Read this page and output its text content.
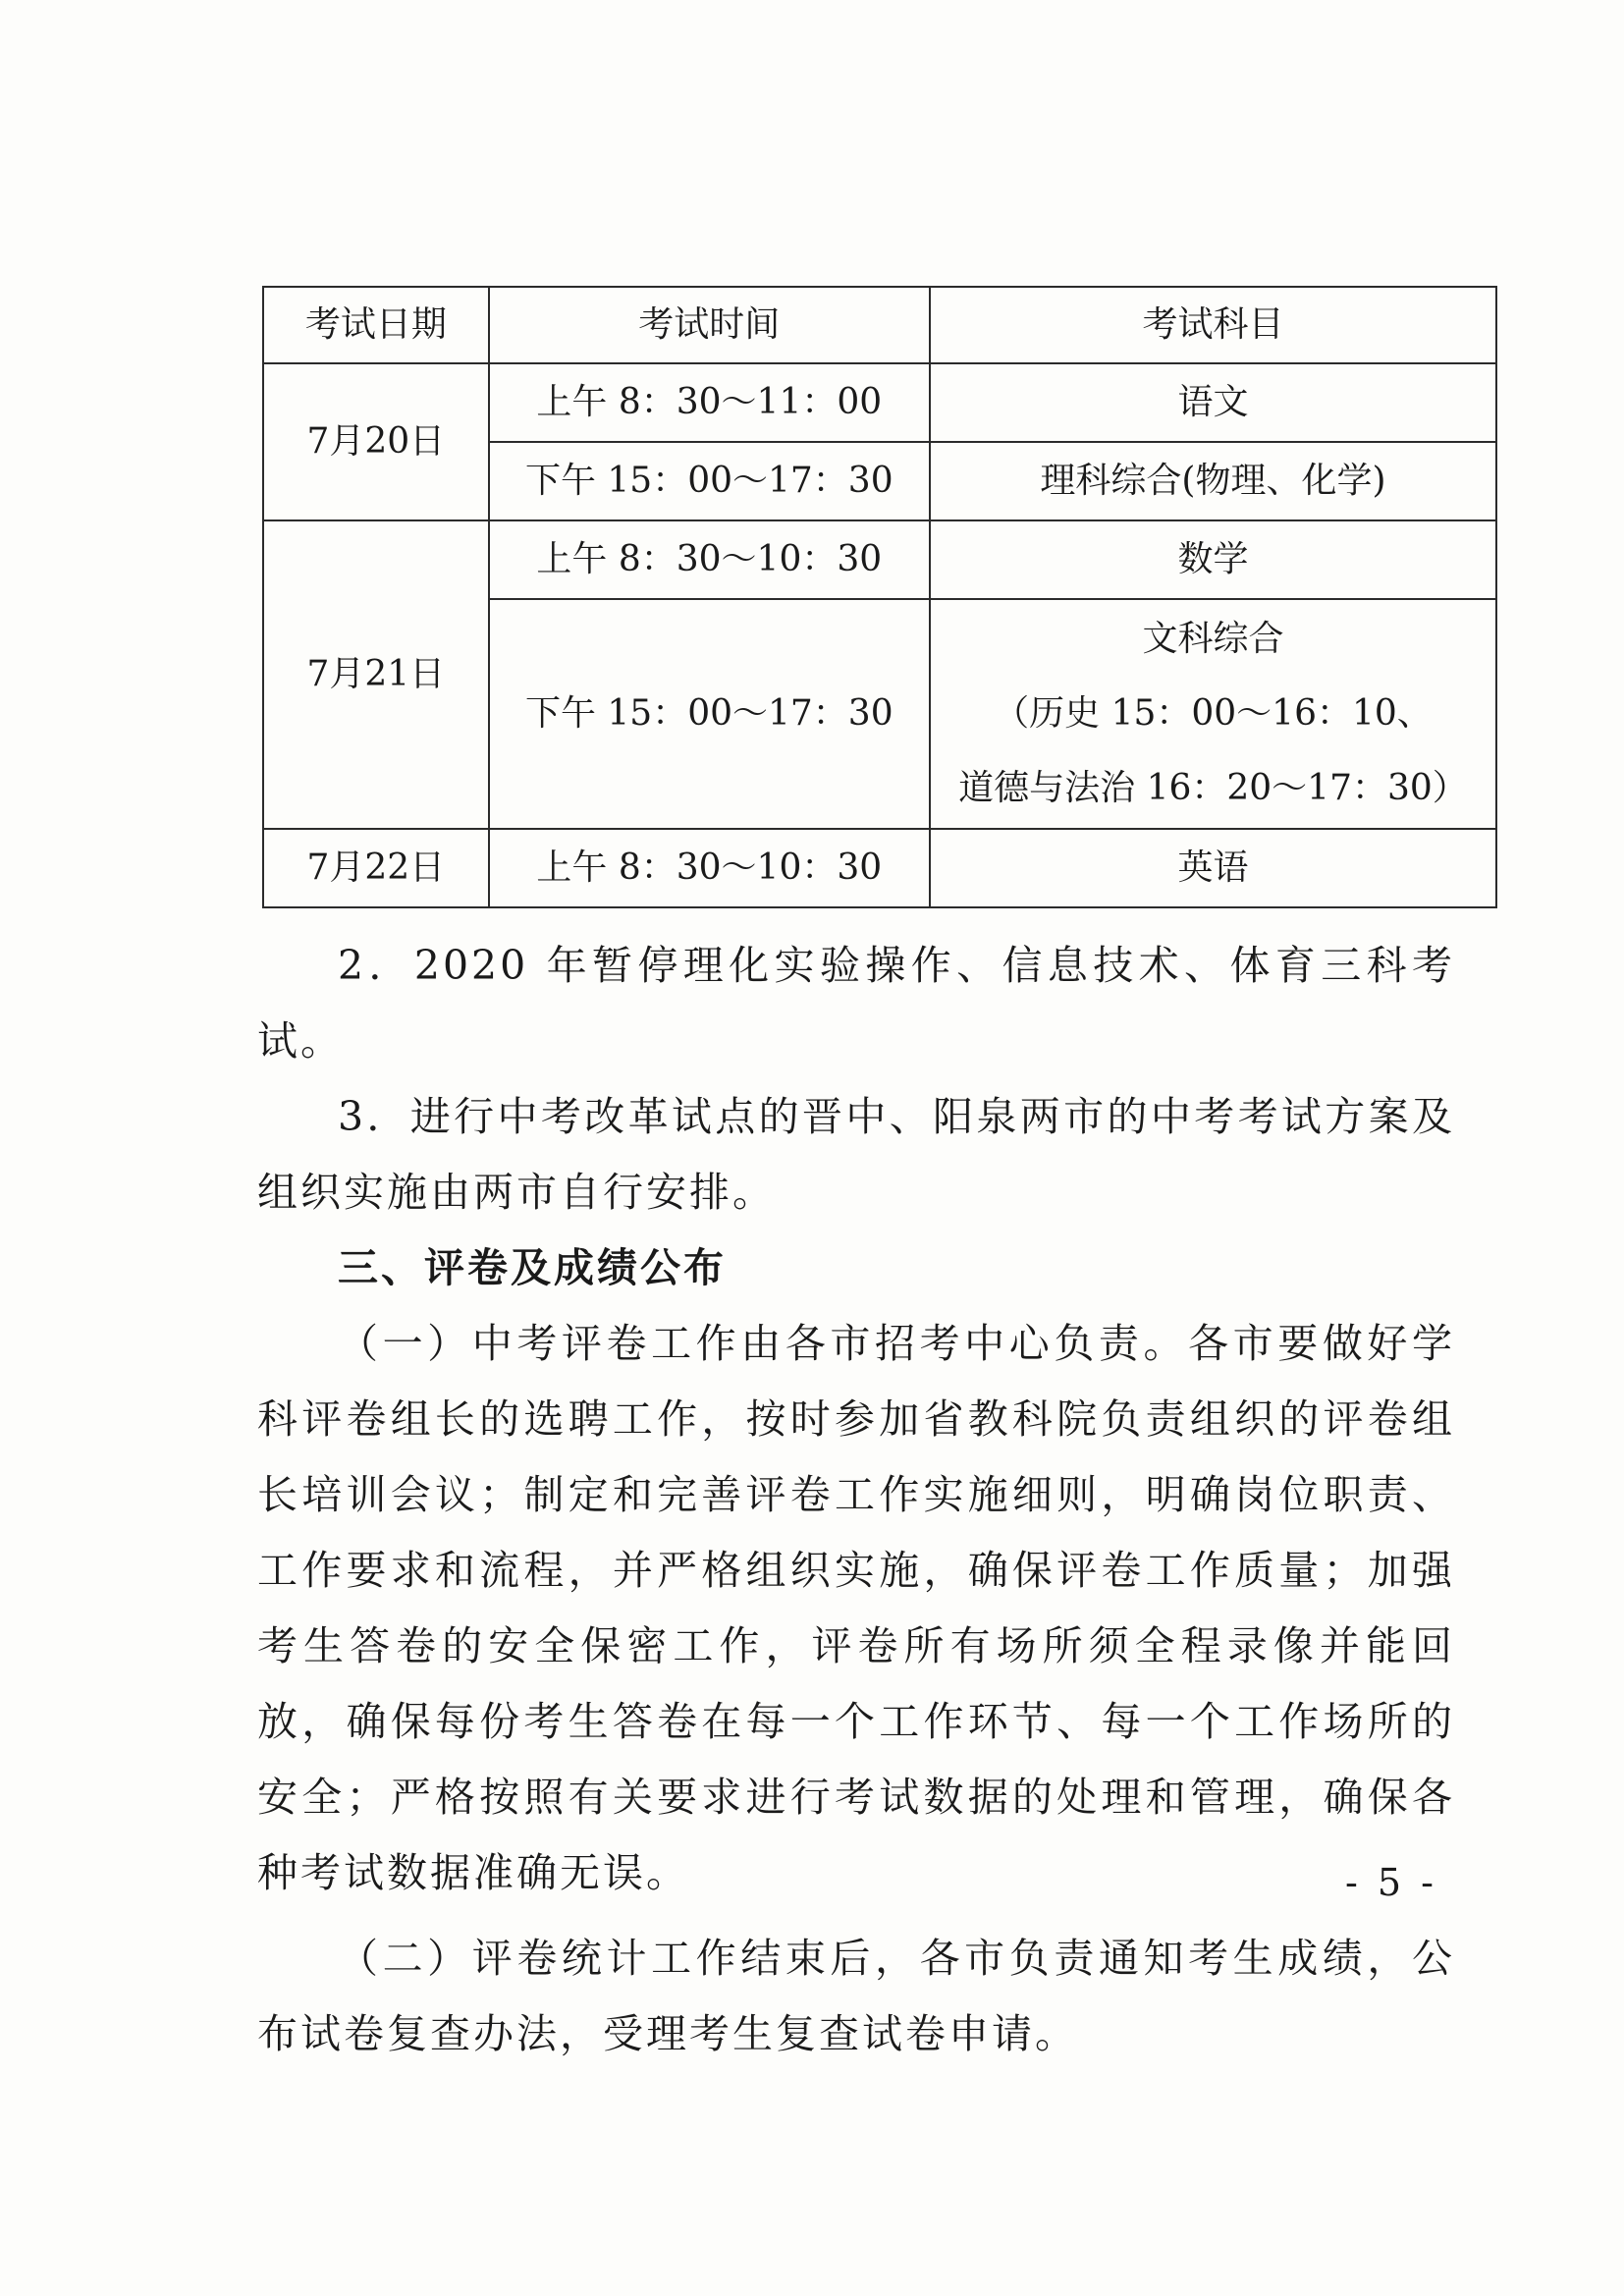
考试日期	考试时间	考试科目
7月20日	上午 8：30～11：00	语文
	下午 15：00～17：30	理科综合(物理、化学)
7月21日	上午 8：30～10：30	数学
	下午 15：00～17：30	文科综合
（历史 15：00～16：10、
道德与法治 16：20～17：30）

7月22日	上午 8：30～10：30	英语

2．2020 年暂停理化实验操作、信息技术、体育三科考试。

3．进行中考改革试点的晋中、阳泉两市的中考考试方案及组织实施由两市自行安排。

三、评卷及成绩公布

（一）中考评卷工作由各市招考中心负责。各市要做好学科评卷组长的选聘工作，按时参加省教科院负责组织的评卷组长培训会议；制定和完善评卷工作实施细则，明确岗位职责、工作要求和流程，并严格组织实施，确保评卷工作质量；加强考生答卷的安全保密工作，评卷所有场所须全程录像并能回放，确保每份考生答卷在每一个工作环节、每一个工作场所的安全；严格按照有关要求进行考试数据的处理和管理，确保各种考试数据准确无误。

（二）评卷统计工作结束后，各市负责通知考生成绩，公布试卷复查办法，受理考生复查试卷申请。

- 5 -
